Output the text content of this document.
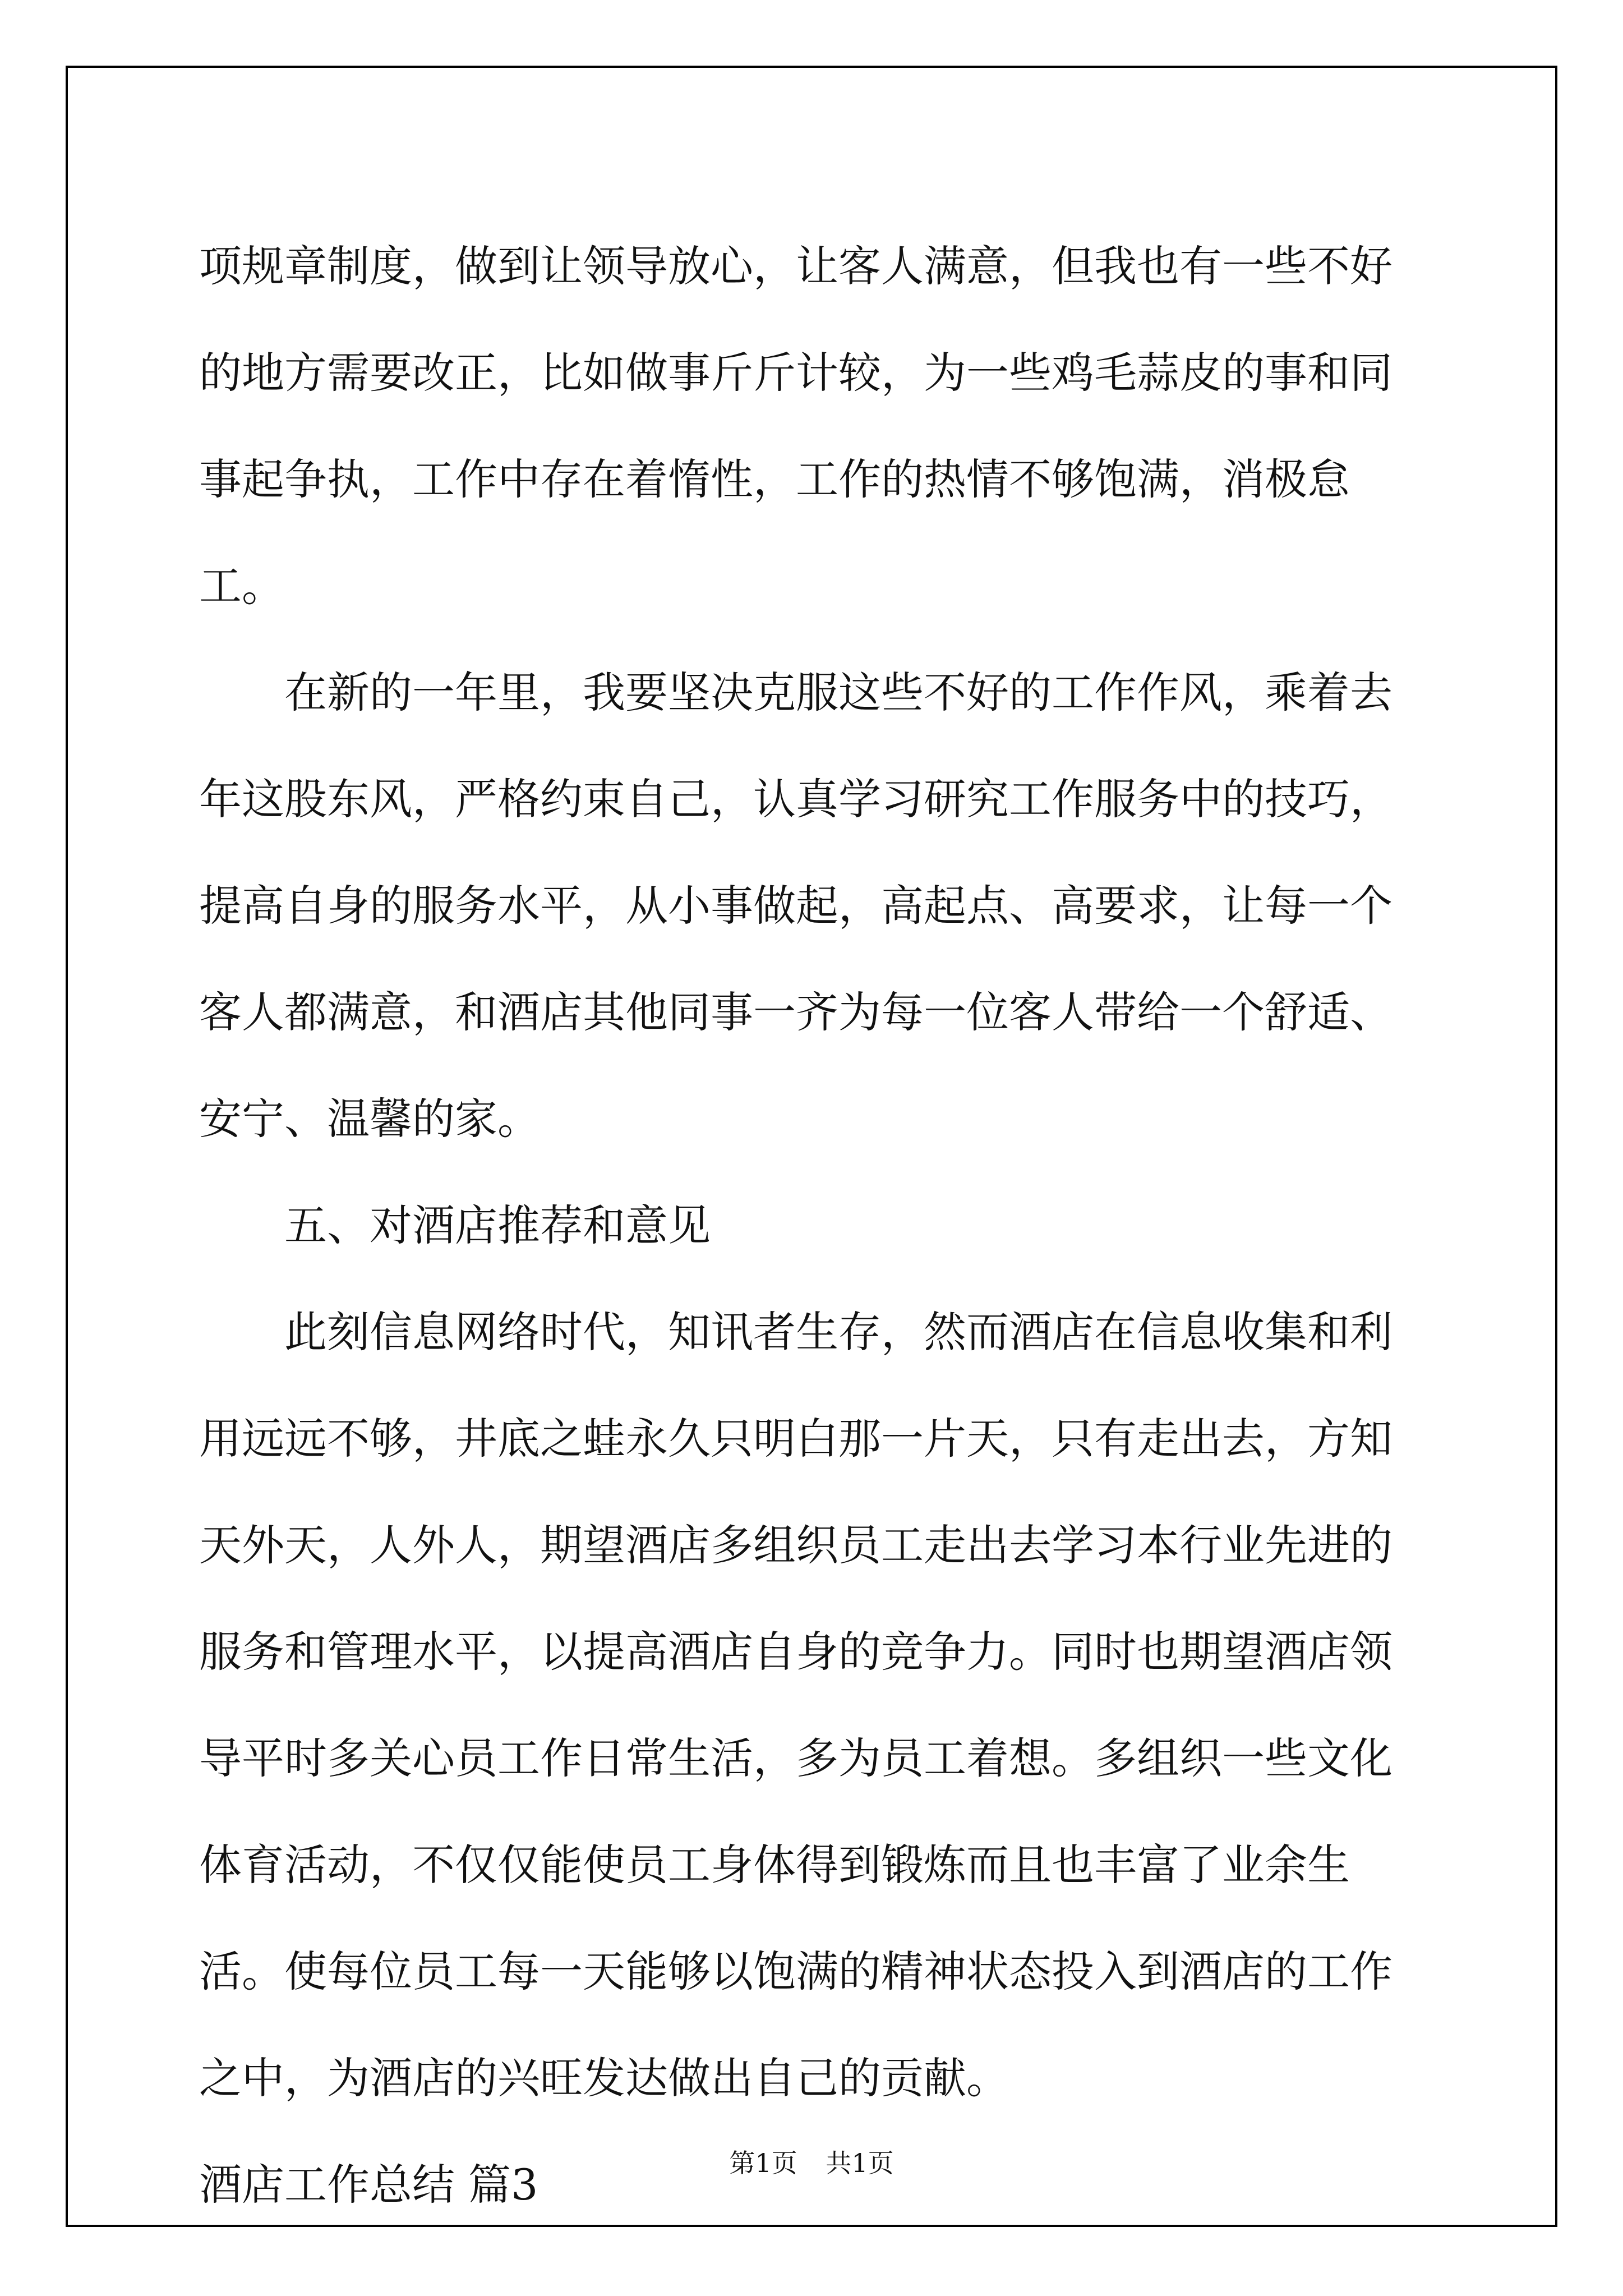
项规章制度，做到让领导放心，让客人满意，但我也有一些不好的地方需要改正，比如做事斤斤计较，为一些鸡毛蒜皮的事和同事起争执，工作中存在着惰性，工作的热情不够饱满，消极怠工。

在新的一年里，我要坚决克服这些不好的工作作风，乘着去年这股东风，严格约束自己，认真学习研究工作服务中的技巧，提高自身的服务水平，从小事做起，高起点、高要求，让每一个客人都满意，和酒店其他同事一齐为每一位客人带给一个舒适、安宁、温馨的家。

五、对酒店推荐和意见

此刻信息网络时代，知讯者生存，然而酒店在信息收集和利用远远不够，井底之蛙永久只明白那一片天，只有走出去，方知天外天，人外人，期望酒店多组织员工走出去学习本行业先进的服务和管理水平，以提高酒店自身的竞争力。同时也期望酒店领导平时多关心员工作日常生活，多为员工着想。多组织一些文化体育活动，不仅仅能使员工身体得到锻炼而且也丰富了业余生活。使每位员工每一天能够以饱满的精神状态投入到酒店的工作之中，为酒店的兴旺发达做出自己的贡献。

酒店工作总结 篇3	第1页 共1页
